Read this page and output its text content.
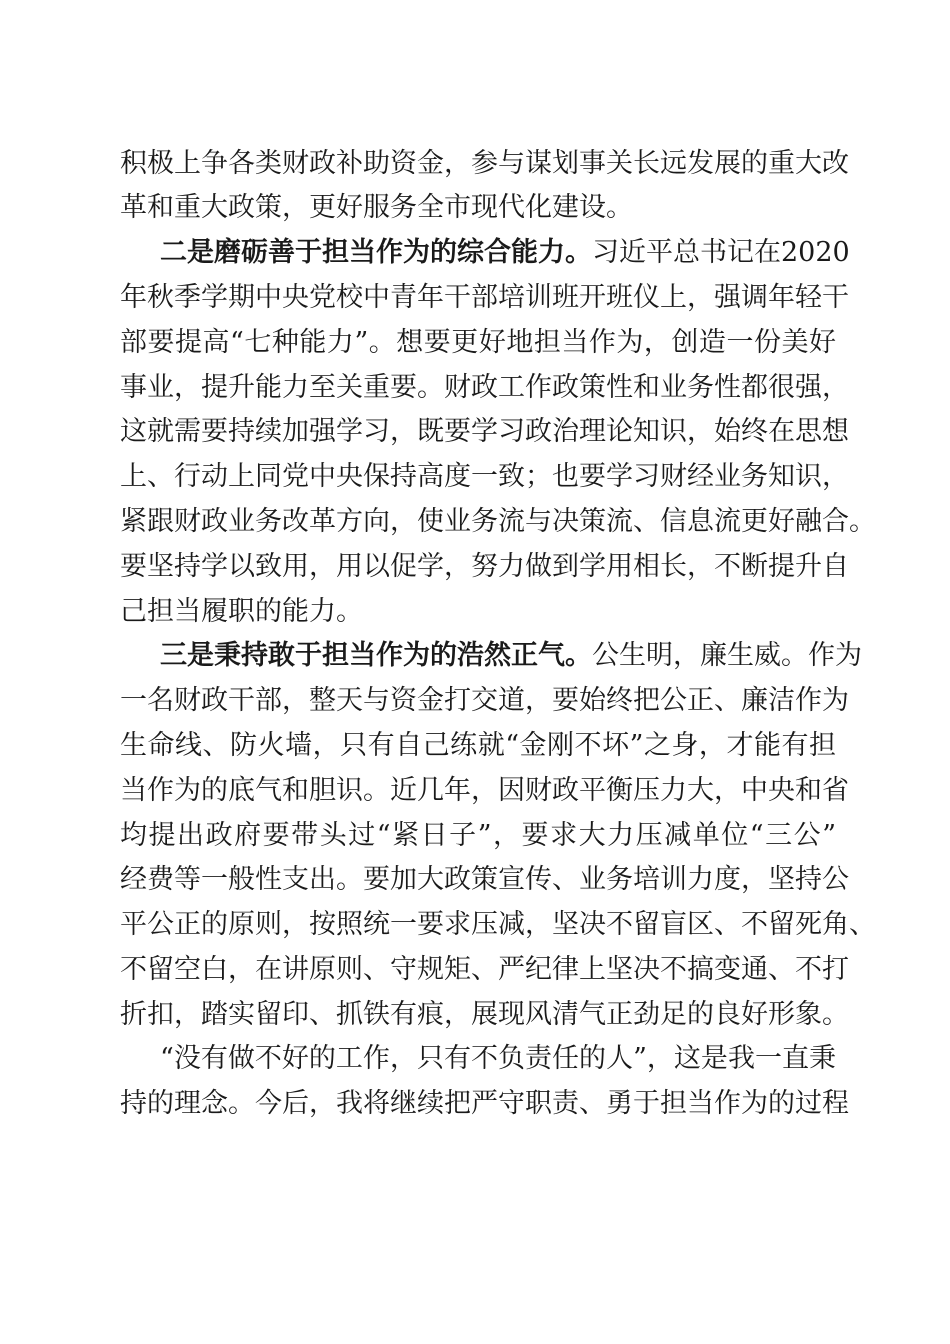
积极上争各类财政补助资金，参与谋划事关长远发展的重大改
革和重大政策，更好服务全市现代化建设。
二是磨砺善于担当作为的综合能力。习近平总书记在2020
年秋季学期中央党校中青年干部培训班开班仪上，强调年轻干
部要提高“七种能力”。想要更好地担当作为，创造一份美好
事业，提升能力至关重要。财政工作政策性和业务性都很强，
这就需要持续加强学习，既要学习政治理论知识，始终在思想
上、行动上同党中央保持高度一致；也要学习财经业务知识，
紧跟财政业务改革方向，使业务流与决策流、信息流更好融合。
要坚持学以致用，用以促学，努力做到学用相长，不断提升自
己担当履职的能力。
三是秉持敢于担当作为的浩然正气。公生明，廉生威。作为
一名财政干部，整天与资金打交道，要始终把公正、廉洁作为
生命线、防火墙，只有自己练就“金刚不坏”之身，才能有担
当作为的底气和胆识。近几年，因财政平衡压力大，中央和省
均提出政府要带头过“紧日子”，要求大力压减单位“三公”
经费等一般性支出。要加大政策宣传、业务培训力度，坚持公
平公正的原则，按照统一要求压减，坚决不留盲区、不留死角、
不留空白，在讲原则、守规矩、严纪律上坚决不搞变通、不打
折扣，踏实留印、抓铁有痕，展现风清气正劲足的良好形象。
“没有做不好的工作，只有不负责任的人”，这是我一直秉
持的理念。今后，我将继续把严守职责、勇于担当作为的过程
